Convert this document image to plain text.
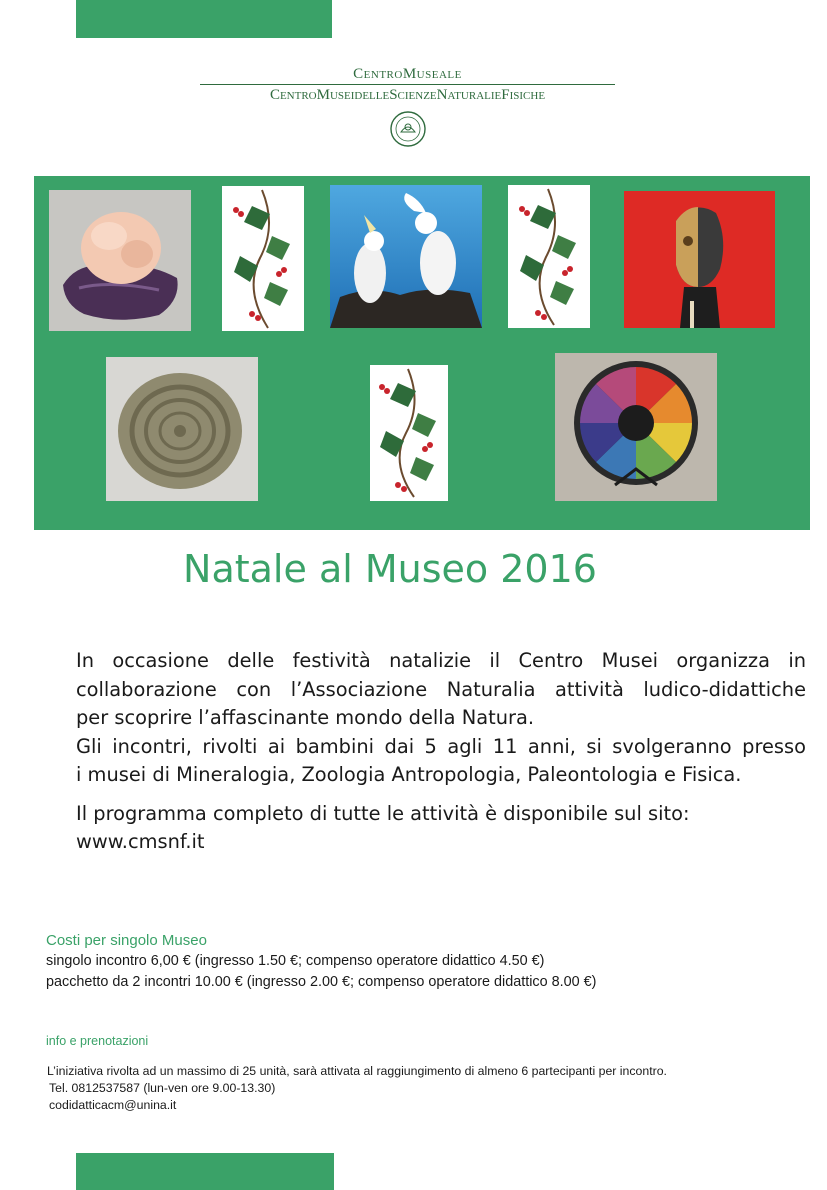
CentroMuseale
CentroMuseidelleScienzeNaturalieFisiche
Natale al Museo 2016
In occasione delle festività natalizie il Centro Musei organizza in
collaborazione con l’Associazione Naturalia attività ludico-didattiche
per scoprire l’affascinante mondo della Natura.
Gli incontri, rivolti ai bambini dai 5 agli 11 anni, si svolgeranno presso
i musei di Mineralogia, Zoologia Antropologia, Paleontologia e Fisica.
Il programma completo di tutte le attività è disponibile sul sito:
www.cmsnf.it
Costi per singolo Museo
singolo incontro 6,00 € (ingresso 1.50 €; compenso operatore didattico 4.50 €)
pacchetto da 2 incontri 10.00 € (ingresso 2.00 €; compenso operatore didattico 8.00 €)
info e prenotazioni
L’iniziativa rivolta ad un massimo di 25 unità, sarà attivata al raggiungimento di almeno 6 partecipanti per incontro.
Tel. 0812537587 (lun-ven ore 9.00-13.30)
codidatticacm@unina.it
